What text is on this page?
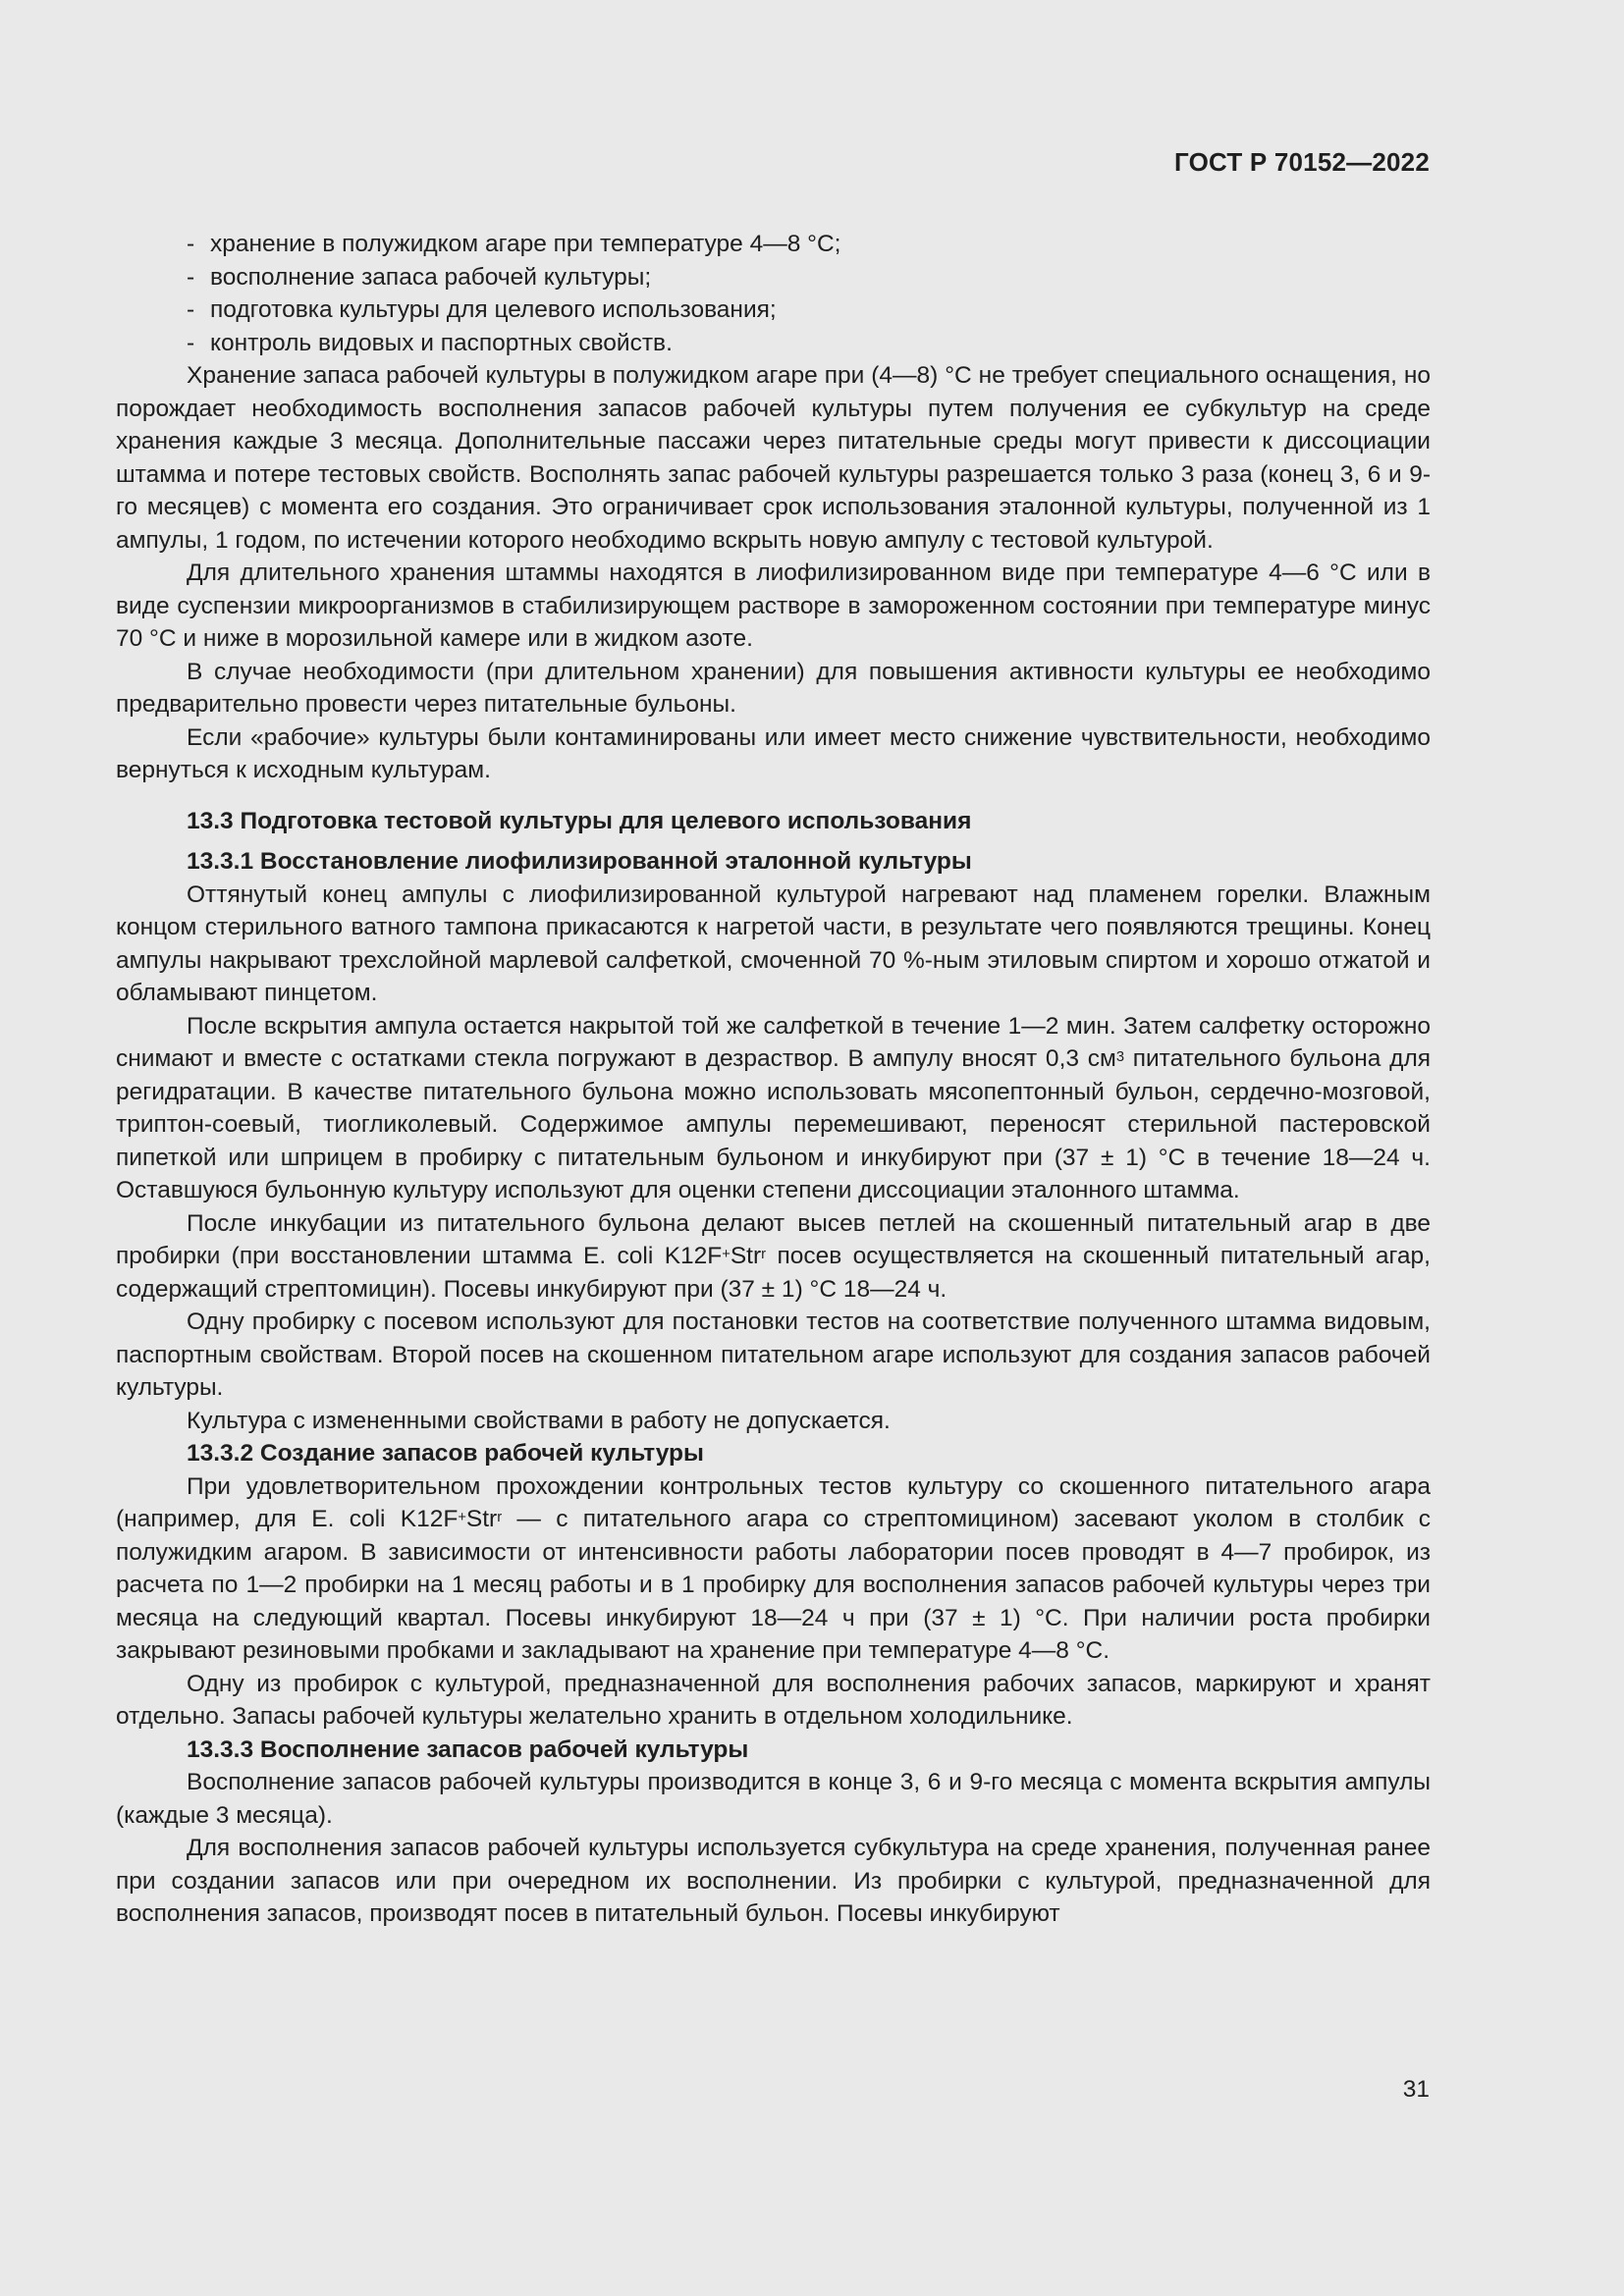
ГОСТ Р 70152—2022

- хранение в полужидком агаре при температуре 4—8 °С;

- восполнение запаса рабочей культуры;

- подготовка культуры для целевого использования;

- контроль видовых и паспортных свойств.

Хранение запаса рабочей культуры в полужидком агаре при (4—8) °С не требует специального оснащения, но порождает необходимость восполнения запасов рабочей культуры путем получения ее субкультур на среде хранения каждые 3 месяца. Дополнительные пассажи через питательные среды могут привести к диссоциации штамма и потере тестовых свойств. Восполнять запас рабочей культуры разрешается только 3 раза (конец 3, 6 и 9-го месяцев) с момента его создания. Это ограничивает срок использования эталонной культуры, полученной из 1 ампулы, 1 годом, по истечении которого необходимо вскрыть новую ампулу с тестовой культурой.

Для длительного хранения штаммы находятся в лиофилизированном виде при температуре 4—6 °С или в виде суспензии микроорганизмов в стабилизирующем растворе в замороженном состоянии при температуре минус 70 °С и ниже в морозильной камере или в жидком азоте.

В случае необходимости (при длительном хранении) для повышения активности культуры ее необходимо предварительно провести через питательные бульоны.

Если «рабочие» культуры были контаминированы или имеет место снижение чувствительности, необходимо вернуться к исходным культурам.

13.3 Подготовка тестовой культуры для целевого использования

13.3.1 Восстановление лиофилизированной эталонной культуры

Оттянутый конец ампулы с лиофилизированной культурой нагревают над пламенем горелки. Влажным концом стерильного ватного тампона прикасаются к нагретой части, в результате чего появляются трещины. Конец ампулы накрывают трехслойной марлевой салфеткой, смоченной 70 %-ным этиловым спиртом и хорошо отжатой и обламывают пинцетом.

После вскрытия ампула остается накрытой той же салфеткой в течение 1—2 мин. Затем салфетку осторожно снимают и вместе с остатками стекла погружают в дезраствор. В ампулу вносят 0,3 $см^3$ питательного бульона для регидратации. В качестве питательного бульона можно использовать мясопептонный бульон, сердечно-мозговой, триптон-соевый, тиогликолевый. Содержимое ампулы перемешивают, переносят стерильной пастеровской пипеткой или шприцем в пробирку с питательным бульоном и инкубируют при (37 ± 1) °С в течение 18—24 ч. Оставшуюся бульонную культуру используют для оценки степени диссоциации эталонного штамма.

После инкубации из питательного бульона делают высев петлей на скошенный питательный агар в две пробирки (при восстановлении штамма E. coli K12F+Str$^r$ посев осуществляется на скошенный питательный агар, содержащий стрептомицин). Посевы инкубируют при (37 ± 1) °С 18—24 ч.

Одну пробирку с посевом используют для постановки тестов на соответствие полученного штамма видовым, паспортным свойствам. Второй посев на скошенном питательном агаре используют для создания запасов рабочей культуры.

Культура с измененными свойствами в работу не допускается.

13.3.2 Создание запасов рабочей культуры

При удовлетворительном прохождении контрольных тестов культуру со скошенного питательного агара (например, для E. coli K12F+Str$^r$ — с питательного агара со стрептомицином) засевают уколом в столбик с полужидким агаром. В зависимости от интенсивности работы лаборатории посев проводят в 4—7 пробирок, из расчета по 1—2 пробирки на 1 месяц работы и в 1 пробирку для восполнения запасов рабочей культуры через три месяца на следующий квартал. Посевы инкубируют 18—24 ч при (37 ± 1) °С. При наличии роста пробирки закрывают резиновыми пробками и закладывают на хранение при температуре 4—8 °С.

Одну из пробирок с культурой, предназначенной для восполнения рабочих запасов, маркируют и хранят отдельно. Запасы рабочей культуры желательно хранить в отдельном холодильнике.

13.3.3 Восполнение запасов рабочей культуры

Восполнение запасов рабочей культуры производится в конце 3, 6 и 9-го месяца с момента вскрытия ампулы (каждые 3 месяца).

Для восполнения запасов рабочей культуры используется субкультура на среде хранения, полученная ранее при создании запасов или при очередном их восполнении. Из пробирки с культурой, предназначенной для восполнения запасов, производят посев в питательный бульон. Посевы инкубируют

31
